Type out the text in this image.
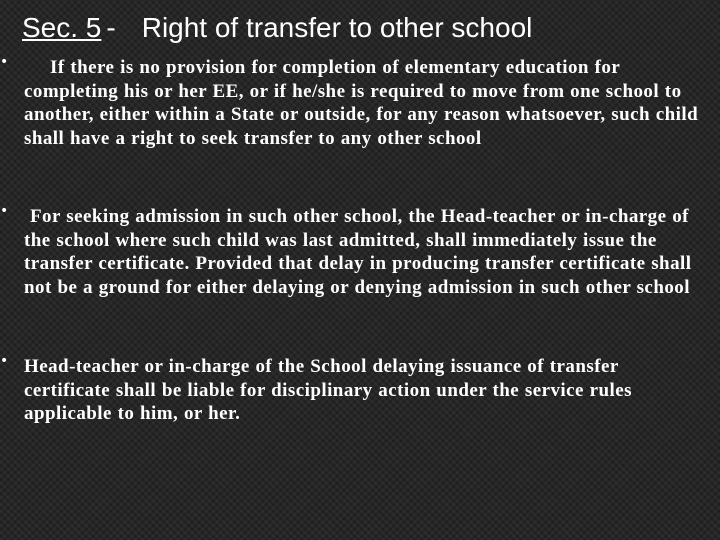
Sec. 5 - Right of transfer to other school
•	If there is no provision for completion of elementary education for completing his or her EE, or if he/she is required to move from one school to another, either within a State or outside, for any reason whatsoever, such child shall have a right to seek transfer to any other school
•	For seeking admission in such other school, the Head-teacher or in-charge of the school where such child was last admitted, shall immediately issue the transfer certificate. Provided that delay in producing transfer certificate shall not be a ground for either delaying or denying admission in such other school
• Head-teacher or in-charge of the School delaying issuance of transfer certificate shall be liable for disciplinary action under the service rules applicable to him, or her.
